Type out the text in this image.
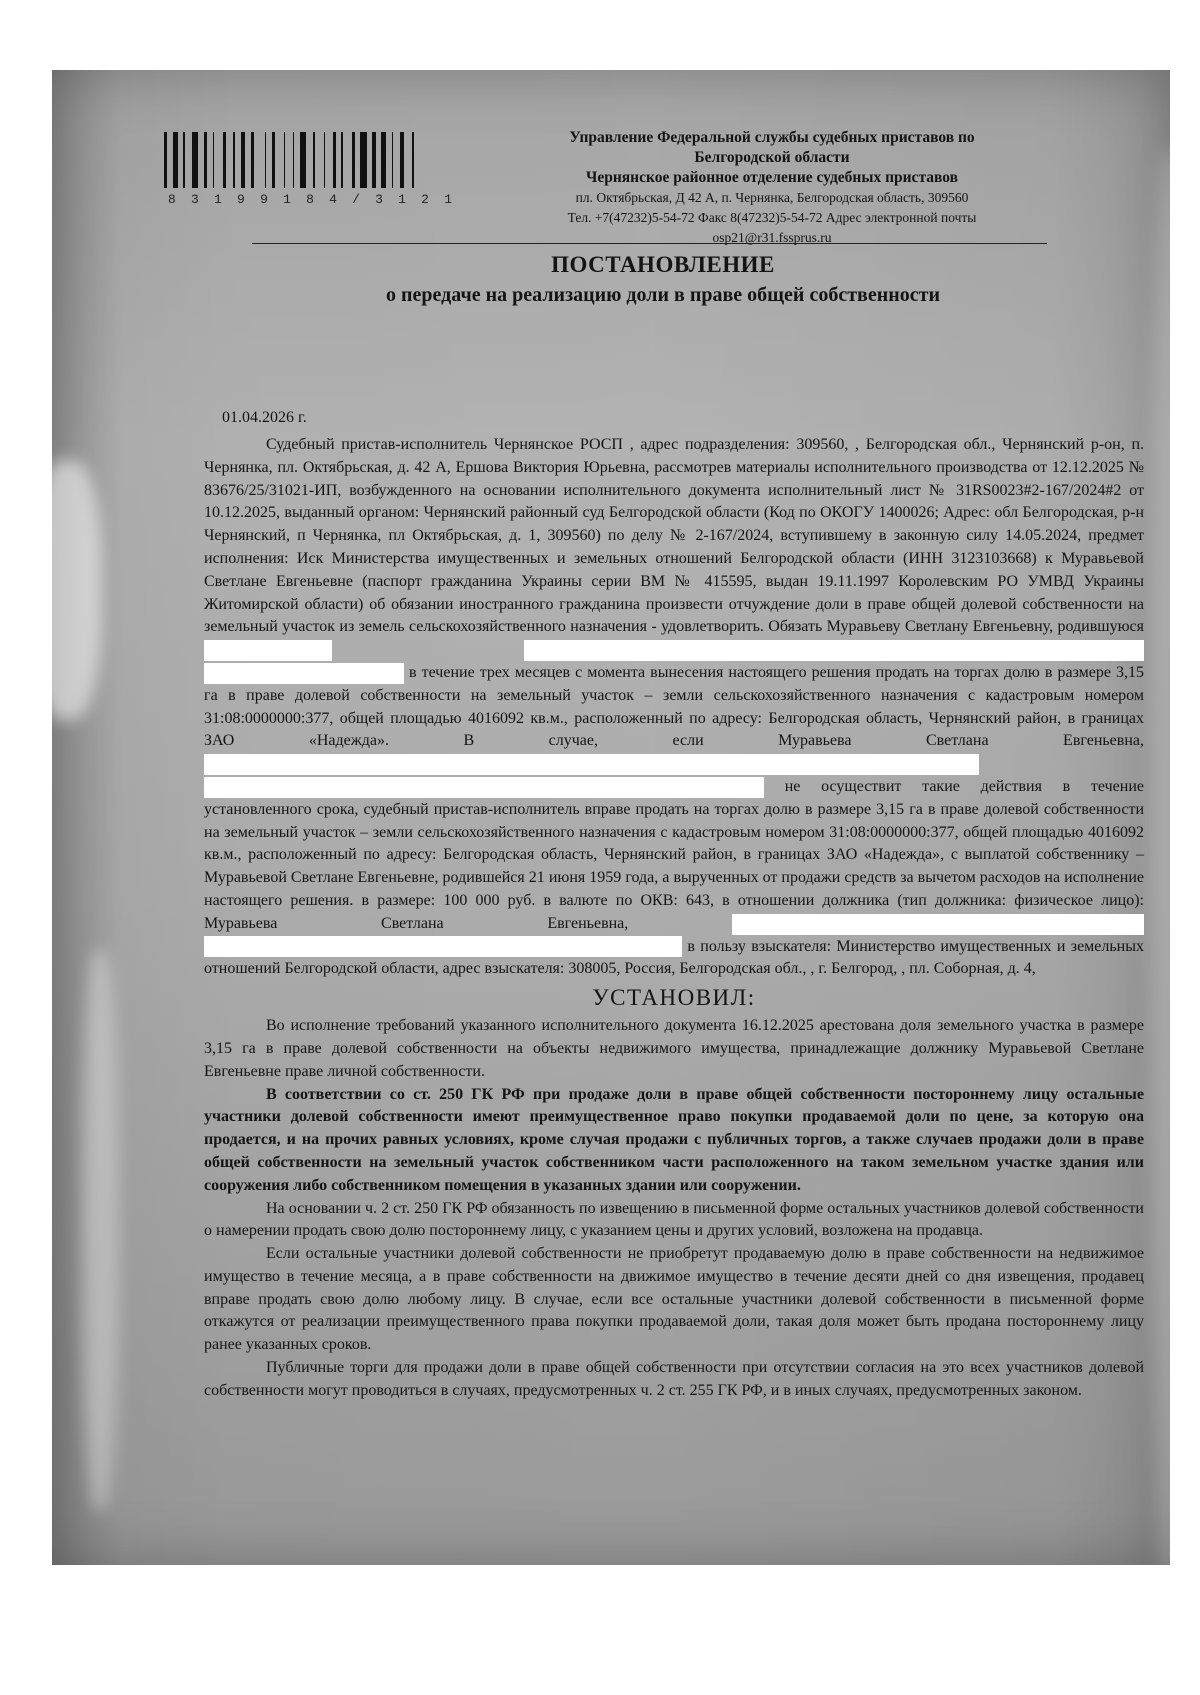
8 3 1 9 9 1 8 4 / 3 1 2 1
Управление Федеральной службы судебных приставов по
Белгородской области
Чернянское районное отделение судебных приставов
пл. Октябрьская, Д 42 А, п. Чернянка, Белгородская область, 309560
Тел. +7(47232)5-54-72 Факс 8(47232)5-54-72 Адрес электронной почты
osp21@r31.fssprus.ru
ПОСТАНОВЛЕНИЕ
о передаче на реализацию доли в праве общей собственности
01.04.2026 г.

Судебный пристав-исполнитель Чернянское РОСП , адрес подразделения: 309560, , Белгородская обл., Чернянский р-он, п. Чернянка, пл. Октябрьская, д. 42 А, Ершова Виктория Юрьевна, рассмотрев материалы исполнительного производства от 12.12.2025 № 83676/25/31021-ИП, возбужденного на основании исполнительного документа исполнительный лист № 31RS0023#2-167/2024#2 от 10.12.2025, выданный органом: Чернянский районный суд Белгородской области (Код по ОКОГУ 1400026; Адрес: обл Белгородская, р-н Чернянский, п Чернянка, пл Октябрьская, д. 1, 309560) по делу № 2-167/2024, вступившему в законную силу 14.05.2024, предмет исполнения: Иск Министерства имущественных и земельных отношений Белгородской области (ИНН 3123103668) к Муравьевой Светлане Евгеньевне (паспорт гражданина Украины серии ВМ № 415595, выдан 19.11.1997 Королевским РО УМВД Украины Житомирской области) об обязании иностранного гражданина произвести отчуждение доли в праве общей долевой собственности на земельный участок из земель сельскохозяйственного назначения - удовлетворить. Обязать Муравьеву Светлану Евгеньевну, родившуюся    в течение трех месяцев с момента вынесения настоящего решения продать на торгах долю в размере 3,15 га в праве долевой собственности на земельный участок – земли сельскохозяйственного назначения с кадастровым номером 31:08:0000000:377, общей площадью 4016092 кв.м., расположенный по адресу: Белгородская область, Чернянский район, в границах ЗАО «Надежда». В случае, если Муравьева Светлана Евгеньевна,   не осуществит такие действия в течение установленного срока, судебный пристав-исполнитель вправе продать на торгах долю в размере 3,15 га в праве долевой собственности на земельный участок – земли сельскохозяйственного назначения с кадастровым номером 31:08:0000000:377, общей площадью 4016092 кв.м., расположенный по адресу: Белгородская область, Чернянский район, в границах ЗАО «Надежда», с выплатой собственнику – Муравьевой Светлане Евгеньевне, родившейся 21 июня 1959 года, а вырученных от продажи средств за вычетом расходов на исполнение настоящего решения. в размере: 100 000 руб. в валюте по ОКВ: 643, в отношении должника (тип должника: физическое лицо): Муравьева Светлана Евгеньевна,   в пользу взыскателя: Министерство имущественных и земельных отношений Белгородской области, адрес взыскателя: 308005, Россия, Белгородская обл., , г. Белгород, , пл. Соборная, д. 4,

УСТАНОВИЛ:

Во исполнение требований указанного исполнительного документа 16.12.2025 арестована доля земельного участка в размере 3,15 га в праве долевой собственности на объекты недвижимого имущества, принадлежащие должнику Муравьевой Светлане Евгеньевне праве личной собственности.

В соответствии со ст. 250 ГК РФ при продаже доли в праве общей собственности постороннему лицу остальные участники долевой собственности имеют преимущественное право покупки продаваемой доли по цене, за которую она продается, и на прочих равных условиях, кроме случая продажи с публичных торгов, а также случаев продажи доли в праве общей собственности на земельный участок собственником части расположенного на таком земельном участке здания или сооружения либо собственником помещения в указанных здании или сооружении.

На основании ч. 2 ст. 250 ГК РФ обязанность по извещению в письменной форме остальных участников долевой собственности о намерении продать свою долю постороннему лицу, с указанием цены и других условий, возложена на продавца.

Если остальные участники долевой собственности не приобретут продаваемую долю в праве собственности на недвижимое имущество в течение месяца, а в праве собственности на движимое имущество в течение десяти дней со дня извещения, продавец вправе продать свою долю любому лицу. В случае, если все остальные участники долевой собственности в письменной форме откажутся от реализации преимущественного права покупки продаваемой доли, такая доля может быть продана постороннему лицу ранее указанных сроков.

Публичные торги для продажи доли в праве общей собственности при отсутствии согласия на это всех участников долевой собственности могут проводиться в случаях, предусмотренных ч. 2 ст. 255 ГК РФ, и в иных случаях, предусмотренных законом.
